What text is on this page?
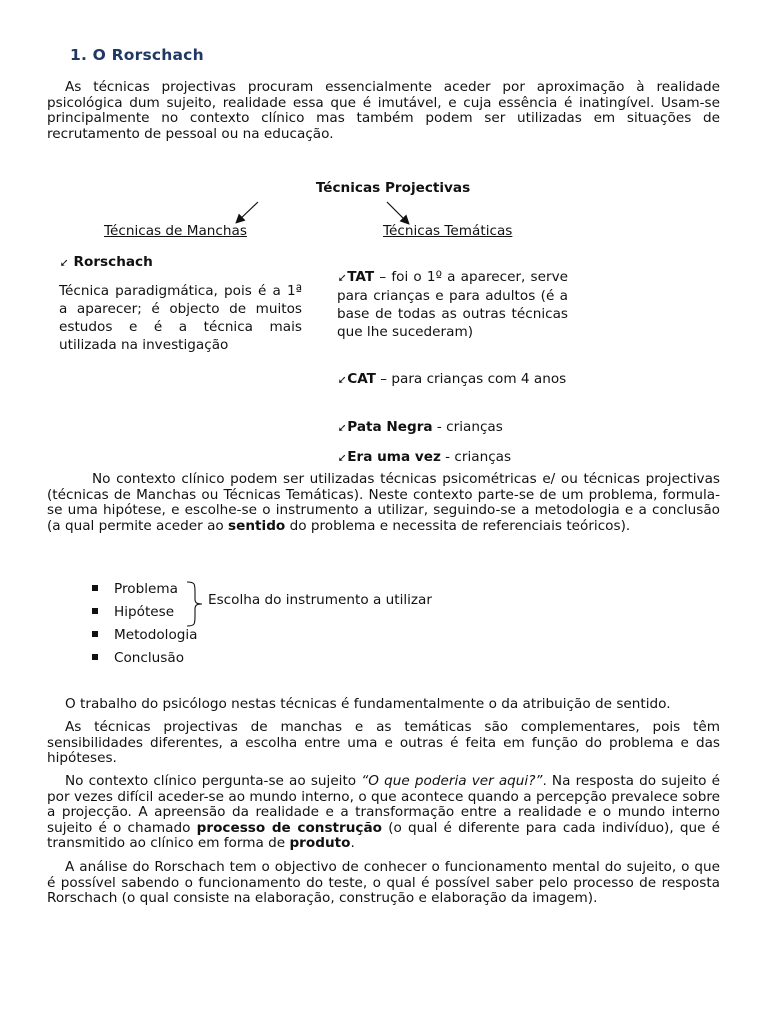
1. O Rorschach
As técnicas projectivas procuram essencialmente aceder por aproximação à realidade psicológica dum sujeito, realidade essa que é imutável, e cuja essência é inatingível. Usam-se principalmente no contexto clínico mas também podem ser utilizadas em situações de recrutamento de pessoal ou na educação.
Técnicas Projectivas
Técnicas de Manchas	Técnicas Temáticas
➘ Rorschach
Técnica paradigmática, pois é a 1ª a aparecer; é objecto de muitos estudos e é a técnica mais utilizada na investigação
➘TAT – foi o 1º a aparecer, serve para crianças e para adultos (é a base de todas as outras técnicas que lhe sucederam)
➘CAT – para crianças com 4 anos
➘Pata Negra - crianças
➘Era uma vez - crianças
No contexto clínico podem ser utilizadas técnicas psicométricas e/ ou técnicas projectivas (técnicas de Manchas ou Técnicas Temáticas). Neste contexto parte-se de um problema, formula-se uma hipótese, e escolhe-se o instrumento a utilizar, seguindo-se a metodologia e a conclusão (a qual permite aceder ao sentido do problema e necessita de referenciais teóricos).
Problema
Hipótese
Metodologia
Conclusão
Escolha do instrumento a utilizar
O trabalho do psicólogo nestas técnicas é fundamentalmente o da atribuição de sentido.
As técnicas projectivas de manchas e as temáticas são complementares, pois têm sensibilidades diferentes, a escolha entre uma e outras é feita em função do problema e das hipóteses.
No contexto clínico pergunta-se ao sujeito “O que poderia ver aqui?”. Na resposta do sujeito é por vezes difícil aceder-se ao mundo interno, o que acontece quando a percepção prevalece sobre a projecção. A apreensão da realidade e a transformação entre a realidade e o mundo interno sujeito é o chamado processo de construção (o qual é diferente para cada indivíduo), que é transmitido ao clínico em forma de produto.
A análise do Rorschach tem o objectivo de conhecer o funcionamento mental do sujeito, o que é possível sabendo o funcionamento do teste, o qual é possível saber pelo processo de resposta Rorschach (o qual consiste na elaboração, construção e elaboração da imagem).
